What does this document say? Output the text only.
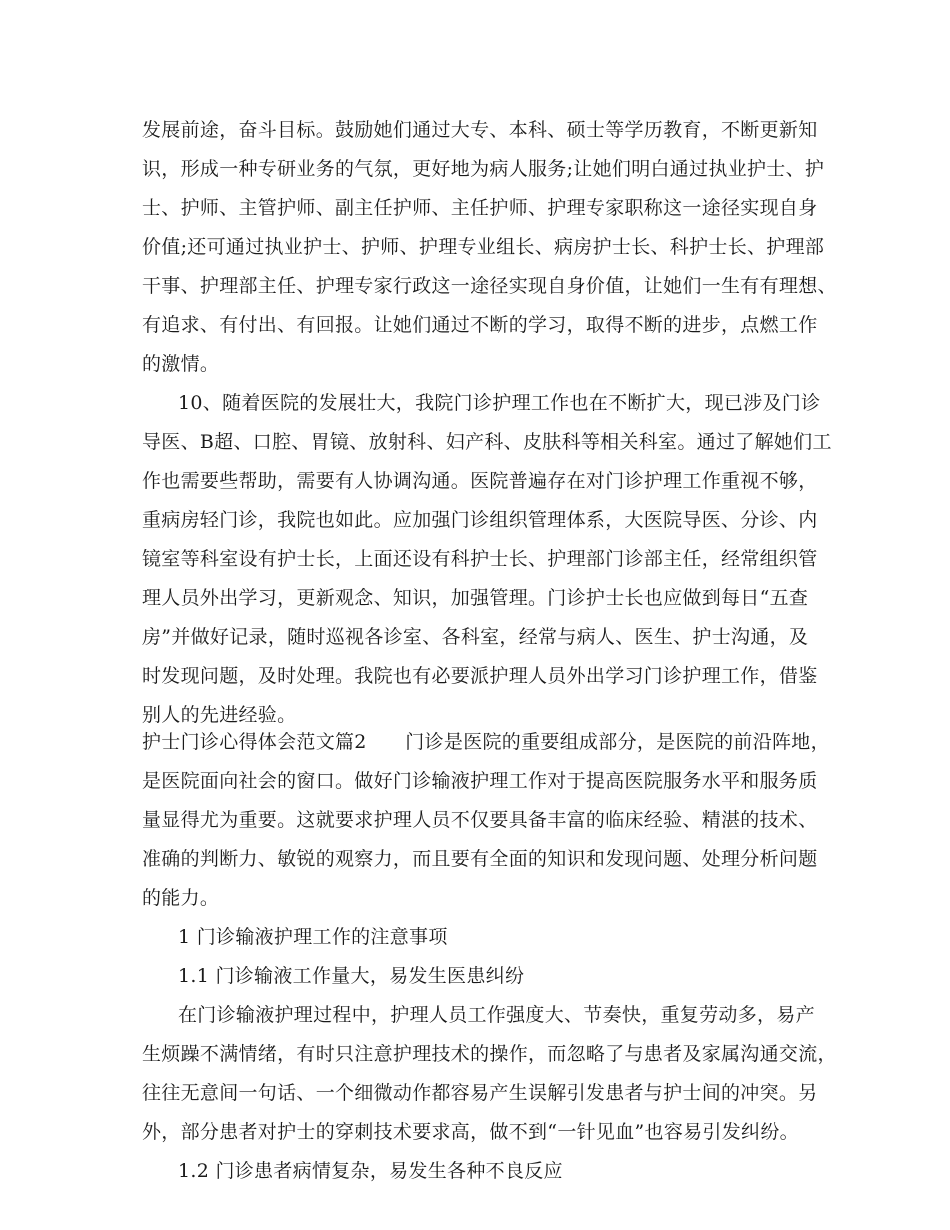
发展前途，奋斗目标。鼓励她们通过大专、本科、硕士等学历教育，不断更新知
识，形成一种专研业务的气氛，更好地为病人服务;让她们明白通过执业护士、护
士、护师、主管护师、副主任护师、主任护师、护理专家职称这一途径实现自身
价值;还可通过执业护士、护师、护理专业组长、病房护士长、科护士长、护理部
干事、护理部主任、护理专家行政这一途径实现自身价值，让她们一生有有理想、
有追求、有付出、有回报。让她们通过不断的学习，取得不断的进步，点燃工作
的激情。
10、随着医院的发展壮大，我院门诊护理工作也在不断扩大，现已涉及门诊
导医、B超、口腔、胃镜、放射科、妇产科、皮肤科等相关科室。通过了解她们工
作也需要些帮助，需要有人协调沟通。医院普遍存在对门诊护理工作重视不够，
重病房轻门诊，我院也如此。应加强门诊组织管理体系，大医院导医、分诊、内
镜室等科室设有护士长，上面还设有科护士长、护理部门诊部主任，经常组织管
理人员外出学习，更新观念、知识，加强管理。门诊护士长也应做到每日“五查
房”并做好记录，随时巡视各诊室、各科室，经常与病人、医生、护士沟通，及
时发现问题，及时处理。我院也有必要派护理人员外出学习门诊护理工作，借鉴
别人的先进经验。
护士门诊心得体会范文篇2　　门诊是医院的重要组成部分，是医院的前沿阵地，
是医院面向社会的窗口。做好门诊输液护理工作对于提高医院服务水平和服务质
量显得尤为重要。这就要求护理人员不仅要具备丰富的临床经验、精湛的技术、
准确的判断力、敏锐的观察力，而且要有全面的知识和发现问题、处理分析问题
的能力。
1 门诊输液护理工作的注意事项
1.1 门诊输液工作量大，易发生医患纠纷
在门诊输液护理过程中，护理人员工作强度大、节奏快，重复劳动多，易产
生烦躁不满情绪，有时只注意护理技术的操作，而忽略了与患者及家属沟通交流，
往往无意间一句话、一个细微动作都容易产生误解引发患者与护士间的冲突。另
外，部分患者对护士的穿刺技术要求高，做不到“一针见血”也容易引发纠纷。
1.2 门诊患者病情复杂，易发生各种不良反应
